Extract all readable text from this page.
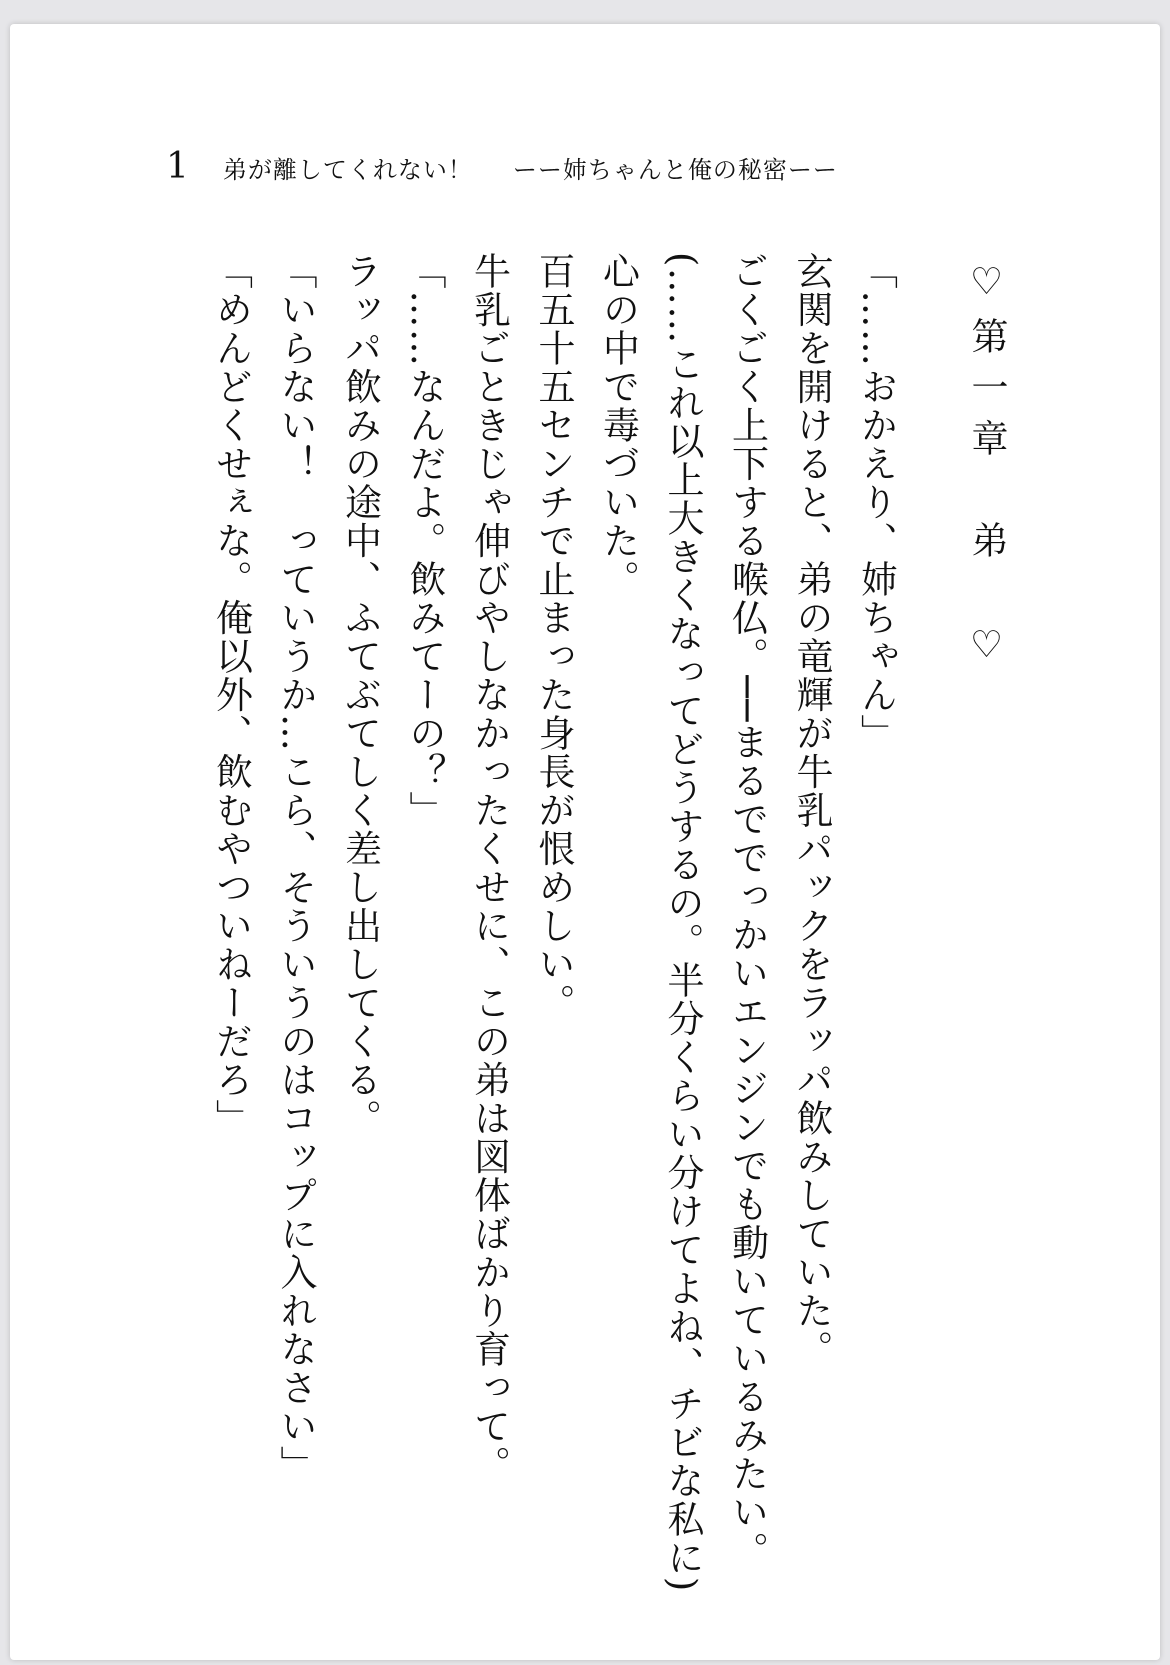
1 弟が離してくれない！ ーー姉ちゃんと俺の秘密ーー
♡第一章　弟　♡
「……おかえり、姉ちゃん」
玄関を開けると、弟の竜輝が牛乳パックをラッパ飲みしていた。
ごくごく上下する喉仏。──まるででっかいエンジンでも動いているみたい。
(……これ以上大きくなってどうするの。半分くらい分けてよね、チビな私に)
心の中で毒づいた。
百五十五センチで止まった身長が恨めしい。
牛乳ごときじゃ伸びやしなかったくせに、この弟は図体ばかり育って。
「……なんだよ。飲みてーの？」
ラッパ飲みの途中、ふてぶてしく差し出してくる。
「いらない！　っていうか…こら、そういうのはコップに入れなさい」
「めんどくせぇな。俺以外、飲むやついねーだろ」
